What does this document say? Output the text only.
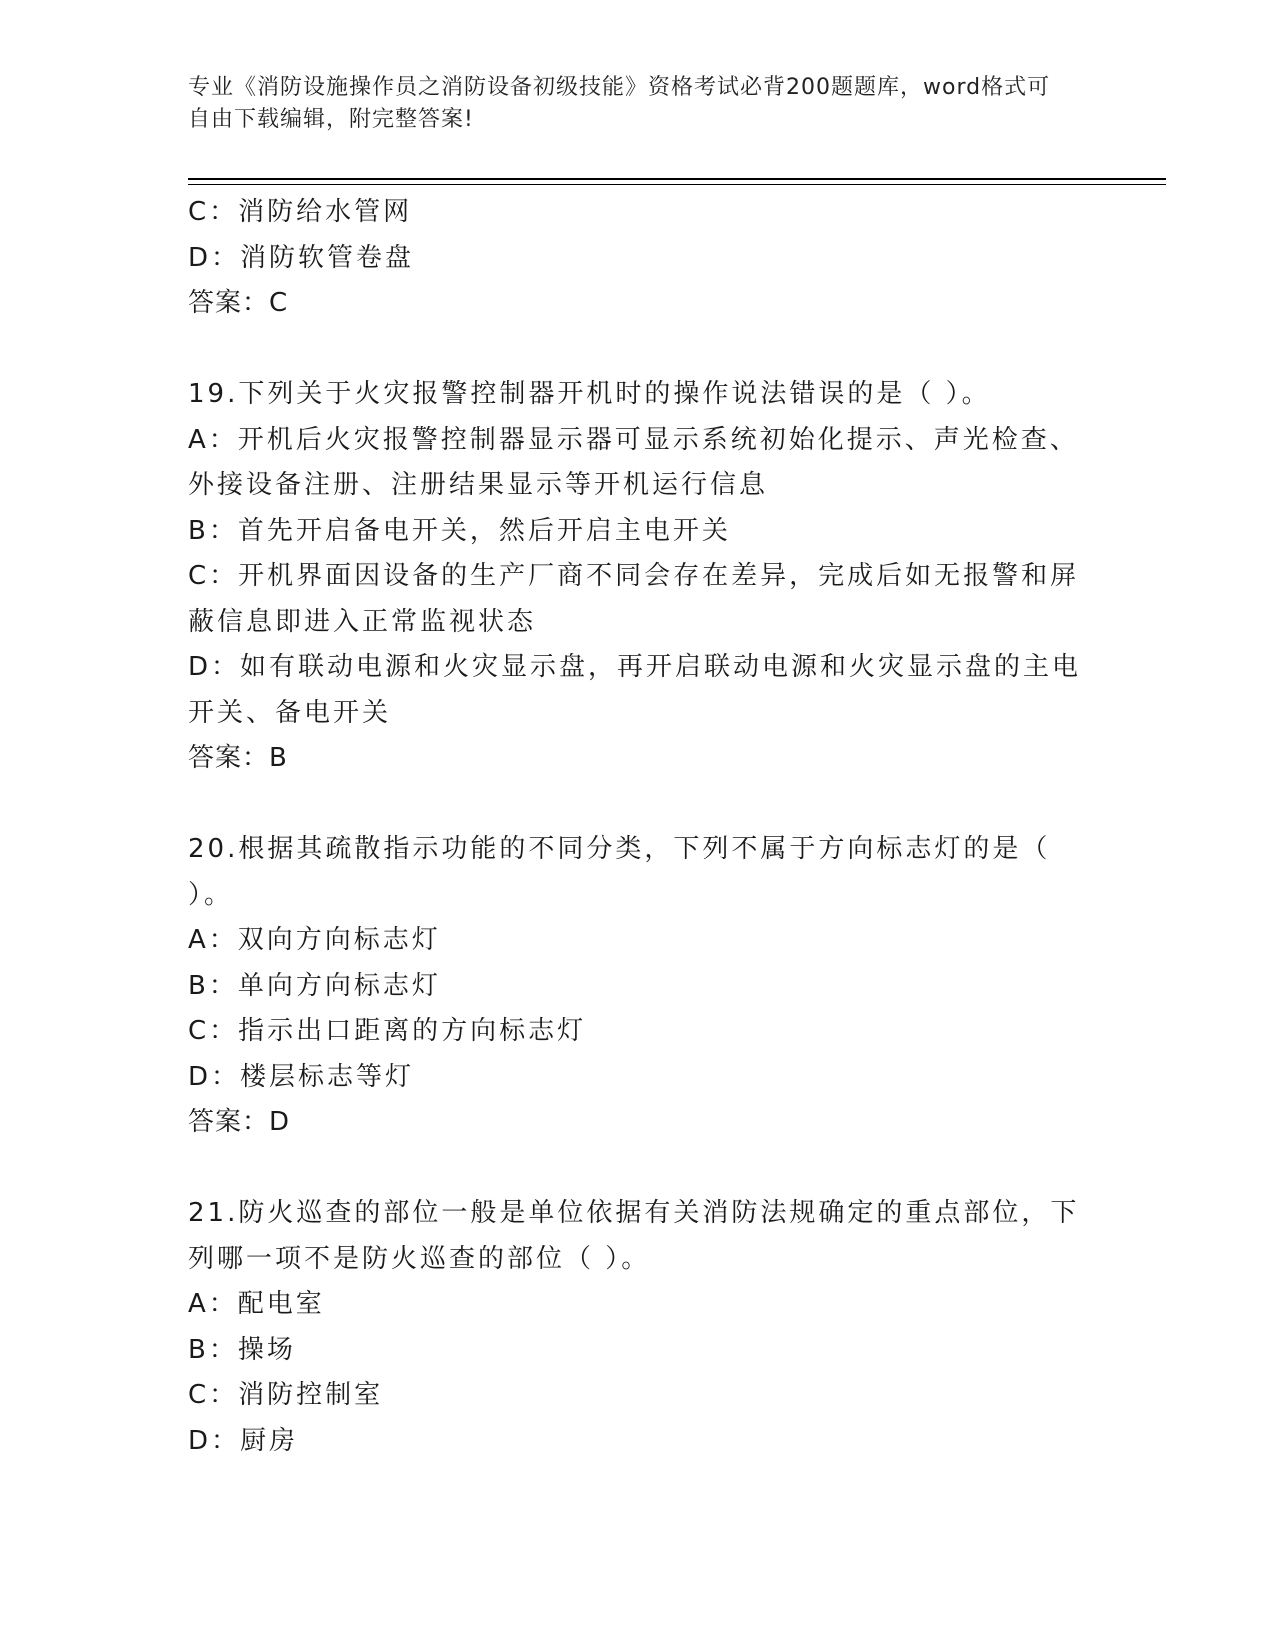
专业《消防设施操作员之消防设备初级技能》资格考试必背200题题库，word格式可自由下载编辑，附完整答案!
C：消防给水管网
D：消防软管卷盘
答案：C
19.下列关于火灾报警控制器开机时的操作说法错误的是（ ）。
A：开机后火灾报警控制器显示器可显示系统初始化提示、声光检查、外接设备注册、注册结果显示等开机运行信息
B：首先开启备电开关，然后开启主电开关
C：开机界面因设备的生产厂商不同会存在差异，完成后如无报警和屏蔽信息即进入正常监视状态
D：如有联动电源和火灾显示盘，再开启联动电源和火灾显示盘的主电开关、备电开关
答案：B
20.根据其疏散指示功能的不同分类，下列不属于方向标志灯的是（ ）。
A：双向方向标志灯
B：单向方向标志灯
C：指示出口距离的方向标志灯
D：楼层标志等灯
答案：D
21.防火巡查的部位一般是单位依据有关消防法规确定的重点部位，下列哪一项不是防火巡查的部位（ ）。
A：配电室
B：操场
C：消防控制室
D：厨房
